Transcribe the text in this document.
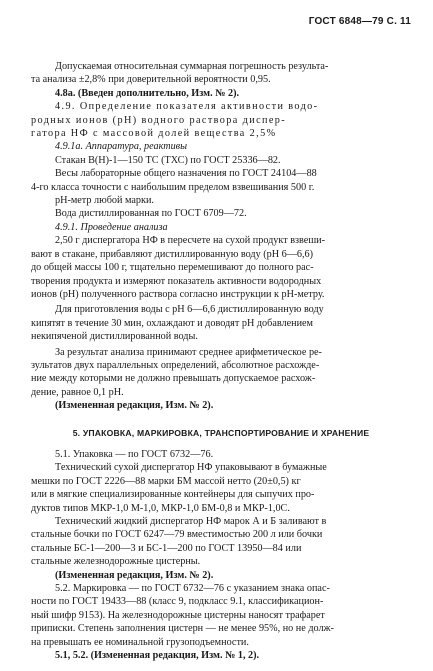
ГОСТ 6848—79 С. 11
Допускаемая относительная суммарная погрешность результа-
та анализа ±2,8% при доверительной вероятности 0,95.
4.8а. (Введен дополнительно, Изм. № 2).
4.9. Определение показателя активности водо-
родных ионов (pH) водного раствора диспер-
гатора НФ с массовой долей вещества 2,5%
4.9.1а. Аппаратура, реактивы
Стакан В(Н)-1—150 ТС (ТХС) по ГОСТ 25336—82.
Весы лабораторные общего назначения по ГОСТ 24104—88
4-го класса точности с наибольшим пределом взвешивания 500 г.
pH-метр любой марки.
Вода дистиллированная по ГОСТ 6709—72.
4.9.1. Проведение анализа
2,50 г диспергатора НФ в пересчете на сухой продукт взвеши-
вают в стакане, прибавляют дистиллированную воду (pH 6—6,6)
до общей массы 100 г, тщательно перемешивают до полного рас-
творения продукта и измеряют показатель активности водородных
ионов (pH) полученного раствора согласно инструкции к pH-метру.
Для приготовления воды с pH 6—6,6 дистиллированную воду
кипятят в течение 30 мин, охлаждают и доводят pH добавлением
некипяченой дистиллированной воды.
За результат анализа принимают среднее арифметическое ре-
зультатов двух параллельных определений, абсолютное расхожде-
ние между которыми не должно превышать допускаемое расхож-
дение, равное 0,1 pH.
(Измененная редакция, Изм. № 2).
5. УПАКОВКА, МАРКИРОВКА, ТРАНСПОРТИРОВАНИЕ И ХРАНЕНИЕ
5.1. Упаковка — по ГОСТ 6732—76.
Технический сухой диспергатор НФ упаковывают в бумажные
мешки по ГОСТ 2226—88 марки БМ массой нетто (20±0,5) кг
или в мягкие специализированные контейнеры для сыпучих про-
дуктов типов МКР-1,0 М-1,0, МКР-1,0 БМ-0,8 и МКР-1,0С.
Технический жидкий диспергатор НФ марок А и Б заливают в
стальные бочки по ГОСТ 6247—79 вместимостью 200 л или бочки
стальные БС-1—200—3 и БС-1—200 по ГОСТ 13950—84 или
стальные железнодорожные цистерны.
(Измененная редакция, Изм. № 2).
5.2. Маркировка — по ГОСТ 6732—76 с указанием знака опас-
ности по ГОСТ 19433—88 (класс 9, подкласс 9.1, классификацион-
ный шифр 9153). На железнодорожные цистерны наносят трафарет
приписки. Степень заполнения цистерн — не менее 95%, но не долж-
на превышать ее номинальной грузоподъемности.
5.1, 5.2. (Измененная редакция, Изм. № 1, 2).
